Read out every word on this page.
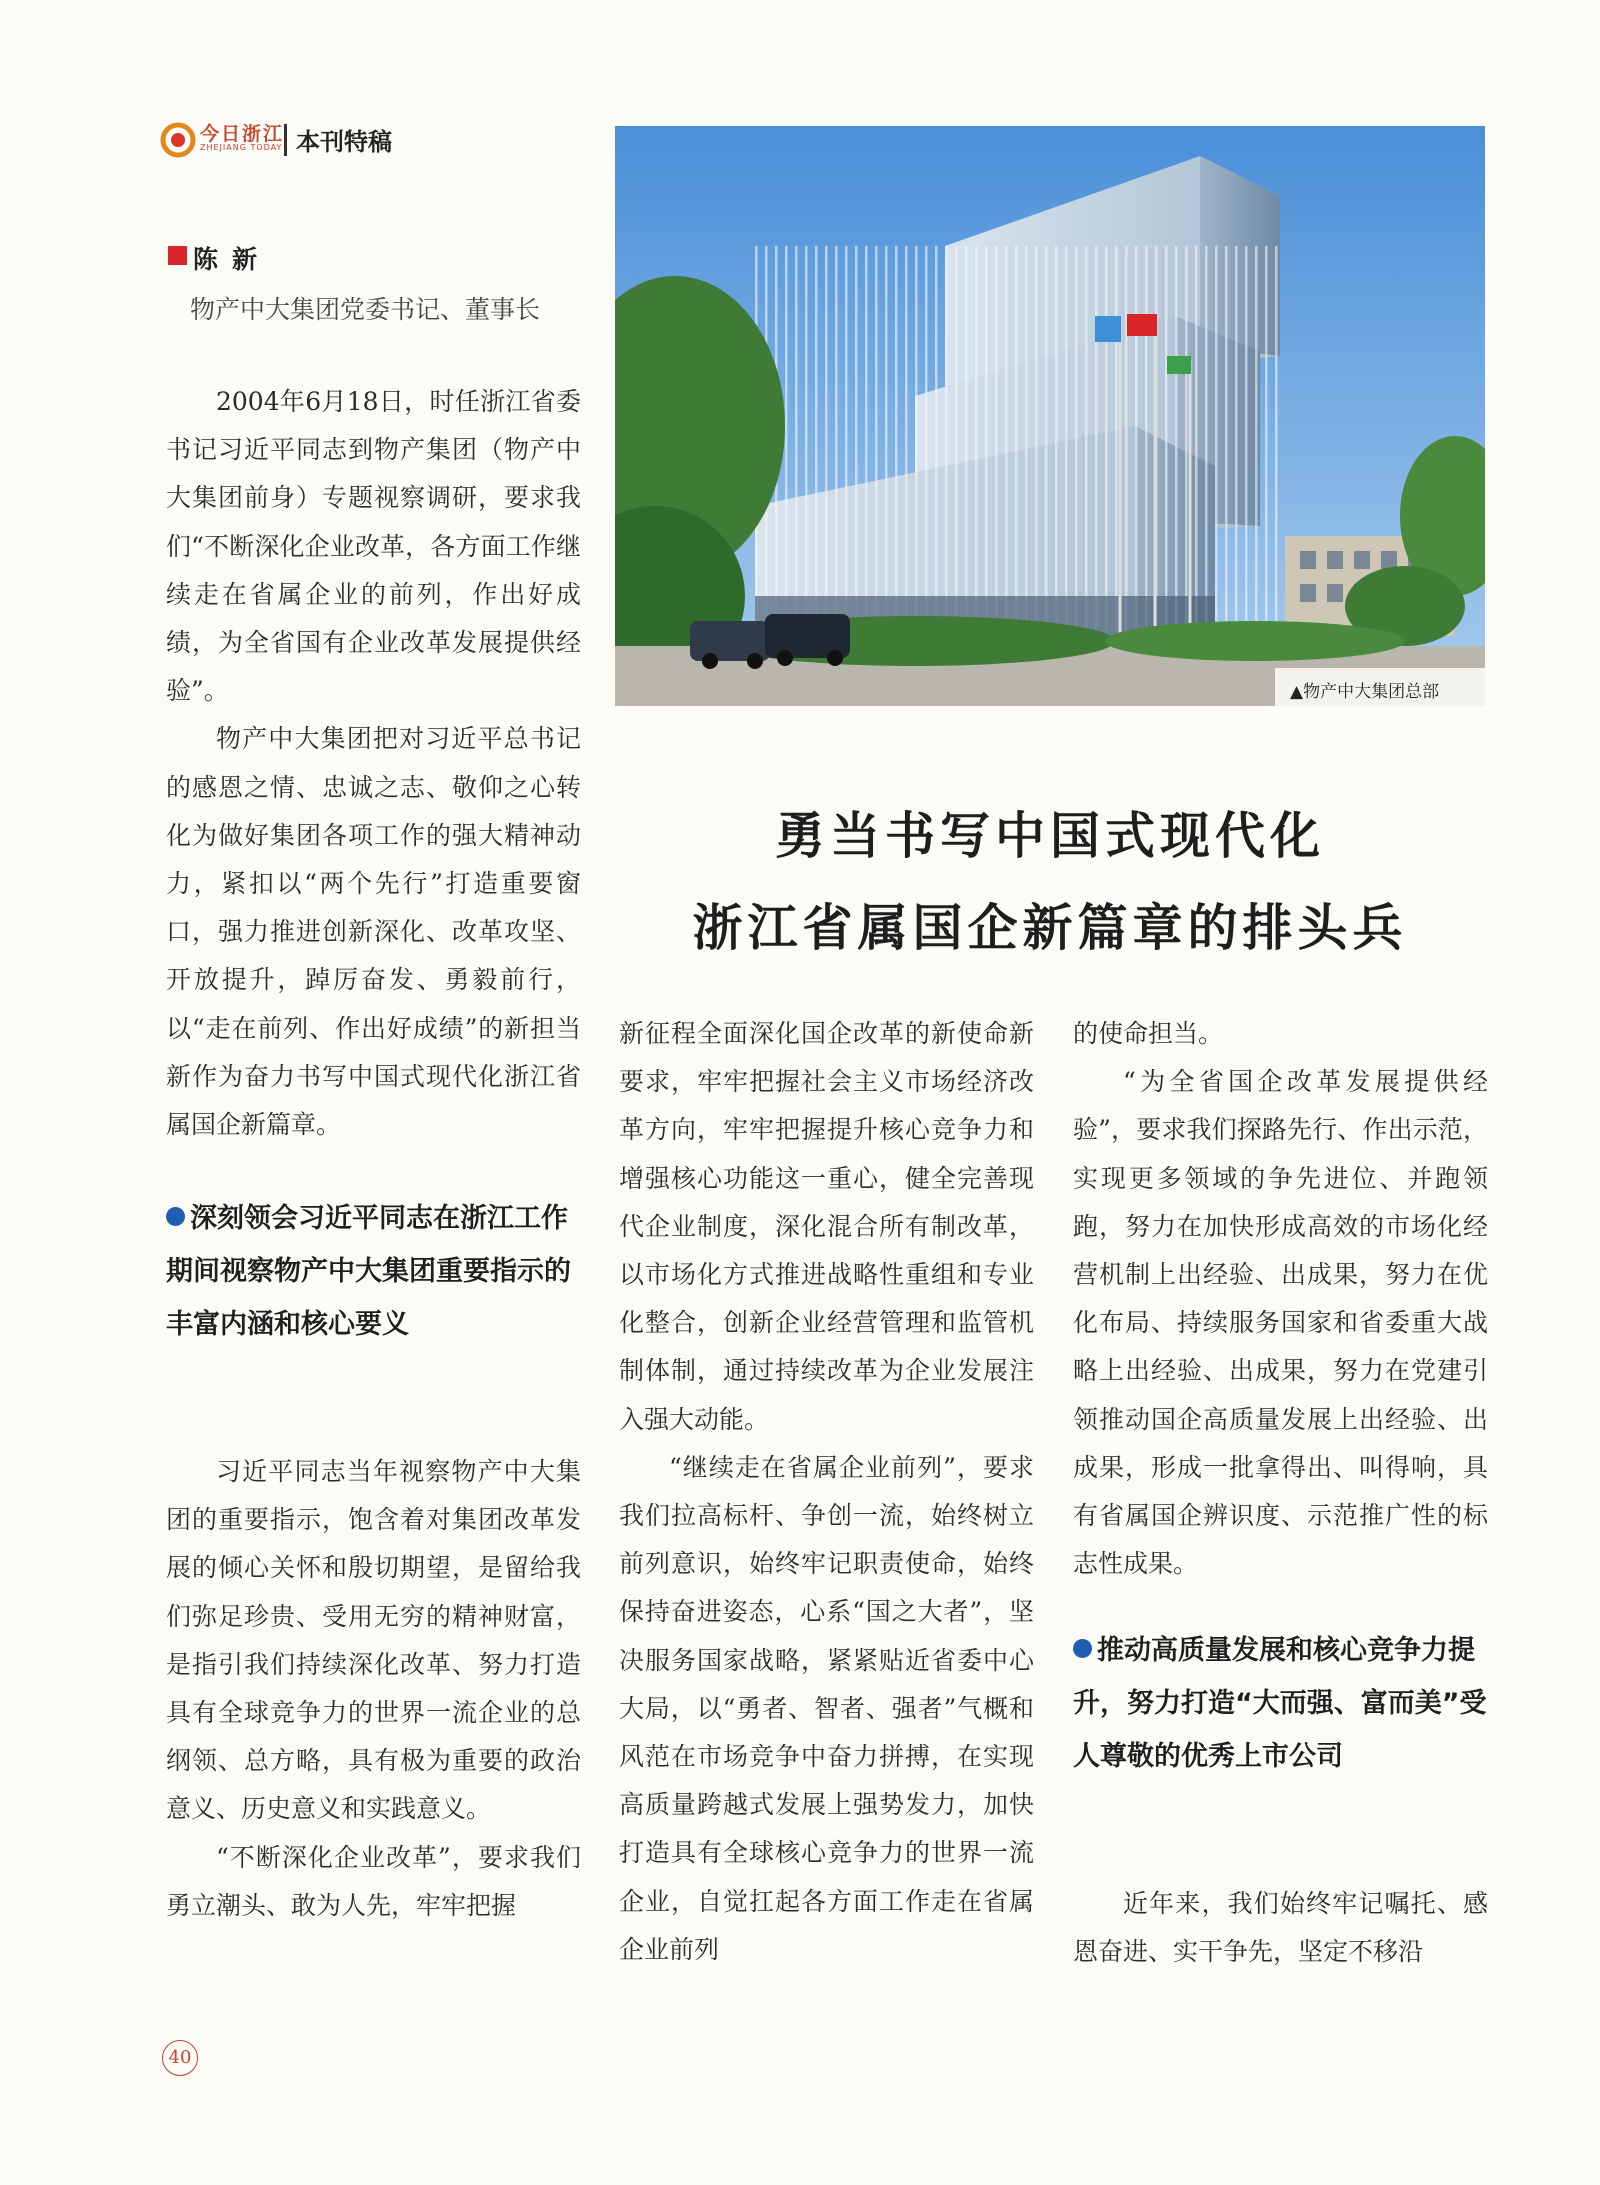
今日浙江
ZHEJIANG TODAY 本刊特稿
陈新
物产中大集团党委书记、董事长
▲物产中大集团总部
勇当书写中国式现代化
浙江省属国企新篇章的排头兵

2004年6月18日，时任浙江省委书记习近平同志到物产集团（物产中大集团前身）专题视察调研，要求我们“不断深化企业改革，各方面工作继续走在省属企业的前列，作出好成绩，为全省国有企业改革发展提供经验”。

物产中大集团把对习近平总书记的感恩之情、忠诚之志、敬仰之心转化为做好集团各项工作的强大精神动力，紧扣以“两个先行”打造重要窗口，强力推进创新深化、改革攻坚、开放提升，踔厉奋发、勇毅前行，以“走在前列、作出好成绩”的新担当新作为奋力书写中国式现代化浙江省属国企新篇章。

深刻领会习近平同志在浙江工作期间视察物产中大集团重要指示的丰富内涵和核心要义

习近平同志当年视察物产中大集团的重要指示，饱含着对集团改革发展的倾心关怀和殷切期望，是留给我们弥足珍贵、受用无穷的精神财富，是指引我们持续深化改革、努力打造具有全球竞争力的世界一流企业的总纲领、总方略，具有极为重要的政治意义、历史意义和实践意义。

“不断深化企业改革”，要求我们勇立潮头、敢为人先，牢牢把握

新征程全面深化国企改革的新使命新要求，牢牢把握社会主义市场经济改革方向，牢牢把握提升核心竞争力和增强核心功能这一重心，健全完善现代企业制度，深化混合所有制改革，以市场化方式推进战略性重组和专业化整合，创新企业经营管理和监管机制体制，通过持续改革为企业发展注入强大动能。

“继续走在省属企业前列”，要求我们拉高标杆、争创一流，始终树立前列意识，始终牢记职责使命，始终保持奋进姿态，心系“国之大者”，坚决服务国家战略，紧紧贴近省委中心大局，以“勇者、智者、强者”气概和风范在市场竞争中奋力拼搏，在实现高质量跨越式发展上强势发力，加快打造具有全球核心竞争力的世界一流企业，自觉扛起各方面工作走在省属企业前列

的使命担当。

“为全省国企改革发展提供经验”，要求我们探路先行、作出示范，实现更多领域的争先进位、并跑领跑，努力在加快形成高效的市场化经营机制上出经验、出成果，努力在优化布局、持续服务国家和省委重大战略上出经验、出成果，努力在党建引领推动国企高质量发展上出经验、出成果，形成一批拿得出、叫得响，具有省属国企辨识度、示范推广性的标志性成果。

推动高质量发展和核心竞争力提升，努力打造“大而强、富而美”受人尊敬的优秀上市公司

近年来，我们始终牢记嘱托、感恩奋进、实干争先，坚定不移沿

40
